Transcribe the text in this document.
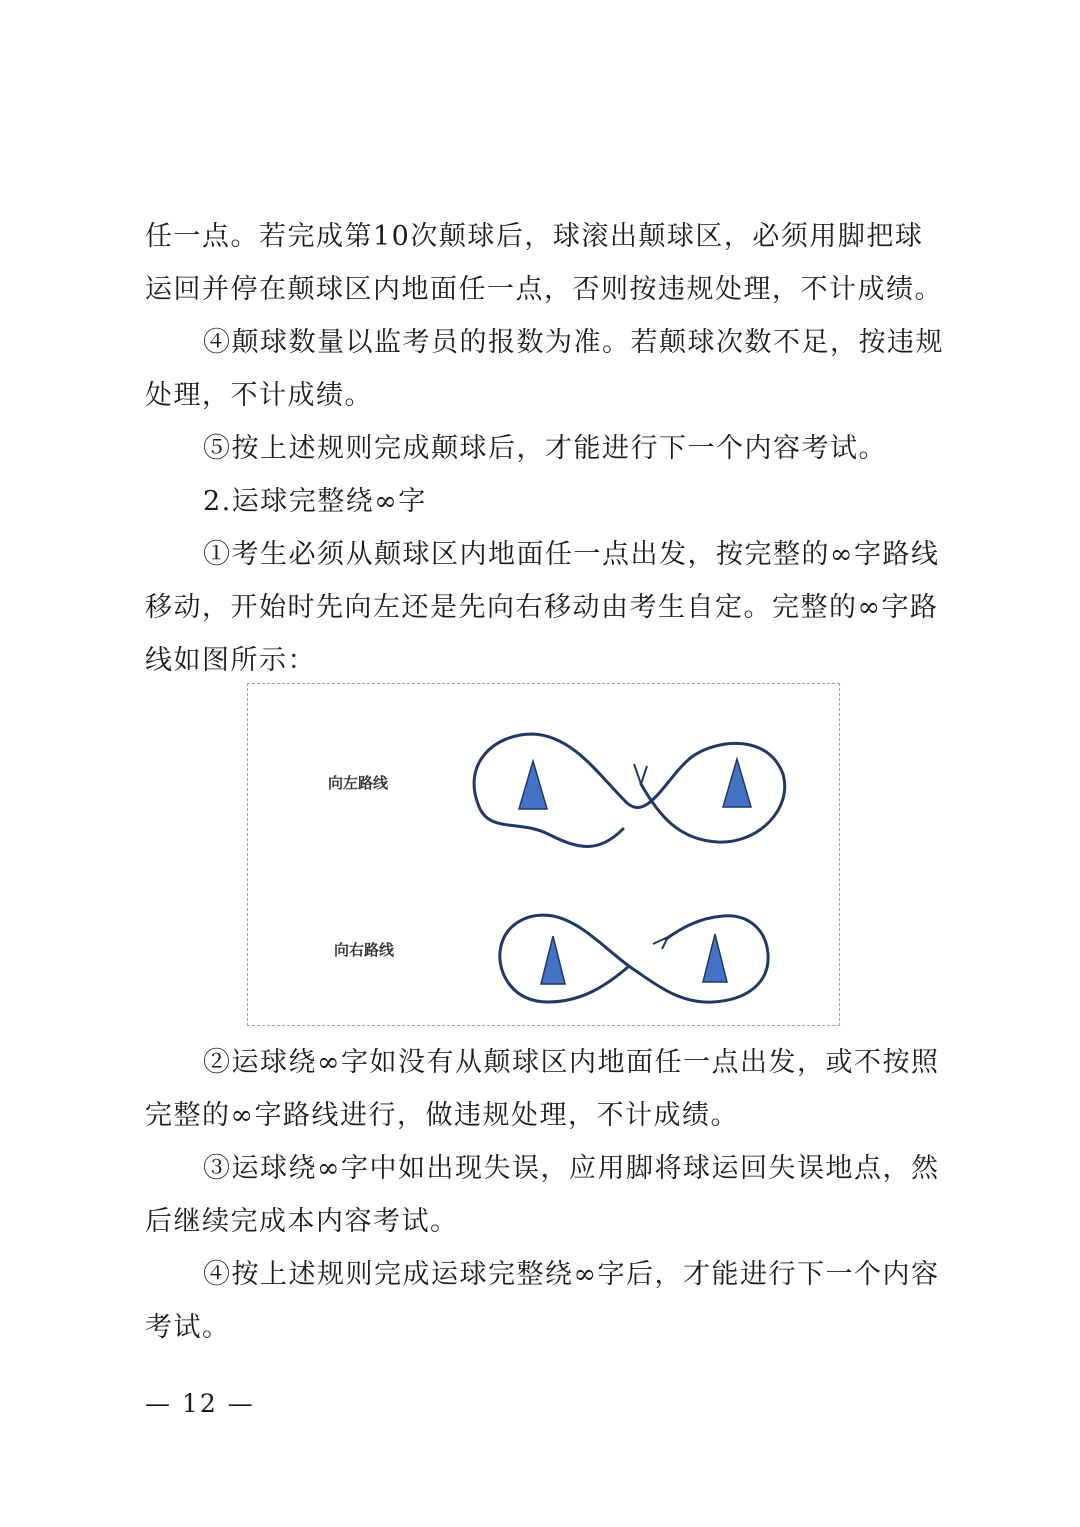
任一点。若完成第10次颠球后，球滚出颠球区，必须用脚把球
运回并停在颠球区内地面任一点，否则按违规处理，不计成绩。
④颠球数量以监考员的报数为准。若颠球次数不足，按违规
处理，不计成绩。
⑤按上述规则完成颠球后，才能进行下一个内容考试。
2.运球完整绕∞字
①考生必须从颠球区内地面任一点出发，按完整的∞字路线
移动，开始时先向左还是先向右移动由考生自定。完整的∞字路
线如图所示：
向左路线
向右路线
②运球绕∞字如没有从颠球区内地面任一点出发，或不按照
完整的∞字路线进行，做违规处理，不计成绩。
③运球绕∞字中如出现失误，应用脚将球运回失误地点，然
后继续完成本内容考试。
④按上述规则完成运球完整绕∞字后，才能进行下一个内容
考试。
— 12 —
